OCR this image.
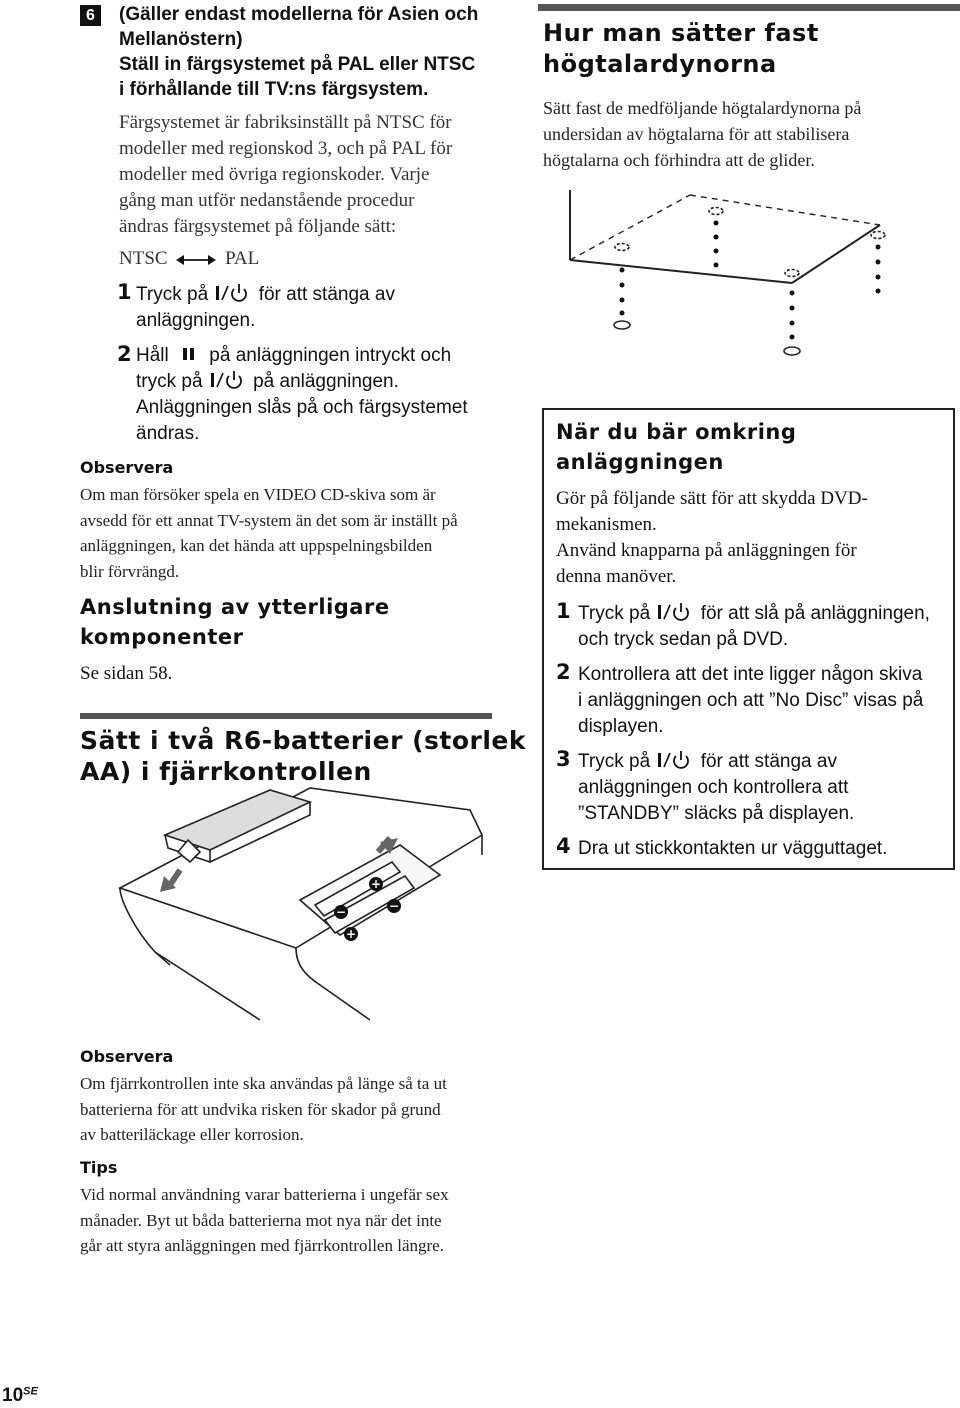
6	(Gäller endast modellerna för Asien och
Mellanöstern)
Ställ in färgsystemet på PAL eller NTSC
i förhållande till TV:ns färgsystem.
Färgsystemet är fabriksinställt på NTSC för
modeller med regionskod 3, och på PAL för
modeller med övriga regionskoder. Varje
gång man utför nedanstående procedur
ändras färgsystemet på följande sätt:
NTSC	PAL
1 Tryck på	för att stänga av
anläggningen.
2 Håll på anläggningen intryckt och
tryck på	på anläggningen.
Anläggningen slås på och färgsystemet
ändras.
Observera
Om man försöker spela en VIDEO CD-skiva som är
avsedd för ett annat TV-system än det som är inställt på
anläggningen, kan det hända att uppspelningsbilden
blir förvrängd.
Anslutning av ytterligare
komponenter
Se sidan 58.
Sätt i två R6-batterier (storlek
AA) i fjärrkontrollen
+
−	−
+
Observera
Om fjärrkontrollen inte ska användas på länge så ta ut
batterierna för att undvika risken för skador på grund
av batteriläckage eller korrosion.
Tips
Vid normal användning varar batterierna i ungefär sex
månader. Byt ut båda batterierna mot nya när det inte
går att styra anläggningen med fjärrkontrollen längre.
$10^{SE}$
Hur man sätter fast
högtalardynorna
Sätt fast de medföljande högtalardynorna på
undersidan av högtalarna för att stabilisera
högtalarna och förhindra att de glider.
När du bär omkring
anläggningen
Gör på följande sätt för att skydda DVD-
mekanismen.
Använd knapparna på anläggningen för
denna manöver.
1 Tryck på	för att slå på anläggningen,
och tryck sedan på DVD.
2 Kontrollera att det inte ligger någon skiva
i anläggningen och att ”No Disc” visas på
displayen.
3 Tryck på	för att stänga av
anläggningen och kontrollera att
”STANDBY” släcks på displayen.
4 Dra ut stickkontakten ur vägguttaget.
